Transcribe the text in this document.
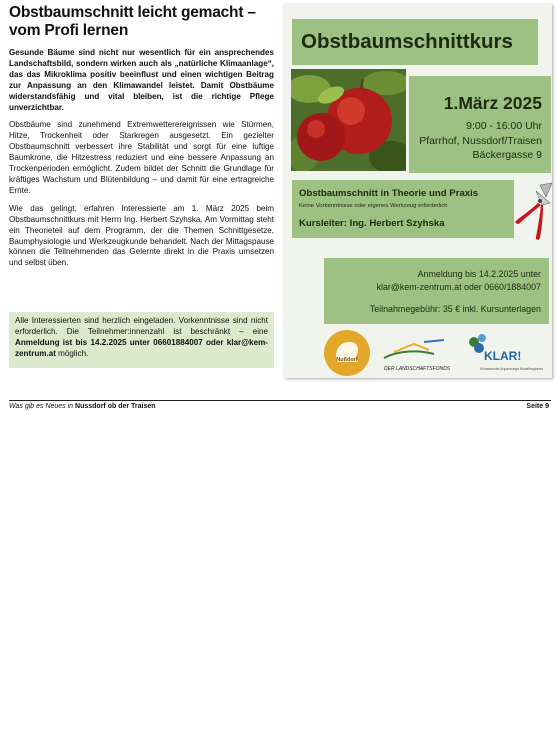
Obstbaumschnitt leicht gemacht – vom Profi lernen

Gesunde Bäume sind nicht nur wesentlich für ein ansprechendes Landschaftsbild, sondern wirken auch als „natürliche Klimaanlage“, das das Mikroklima positiv beeinflust und einen wichtigen Beitrag zur Anpassung an den Klimawandel leistet. Damit Obstbäume widerstandsfähig und vital bleiben, ist die richtige Pflege unverzichtbar.

Obstbäume sind zunehmend Extremwetterereignissen wie Stürmen, Hitze, Trockenheit oder Starkregen ausgesetzt. Ein gezielter Obstbaumschnitt verbessert ihre Stabilität und sorgt für eine luftige Baumkrone, die Hitzestress reduziert und eine bessere Anpassung an Trockenperioden ermöglicht. Zudem bildet der Schnitt die Grundlage für kräftiges Wachstum und Blütenbildung – und damit für eine ertragreiche Ernte.

Wie das gelingt, erfahren Interessierte am 1. März 2025 beim Obstbaumschnittkurs mit Herrn Ing. Herbert Szyhska. Am Vormittag steht ein Theorieteil auf dem Programm, der die Themen Schnittgesetze, Baumphysiologie und Werkzeugkunde behandelt. Nach der Mittagspause können die Teilnehmenden das Gelernte direkt in die Praxis umsetzen und selbst üben.

Alle Interessierten sind herzlich eingeladen. Vorkenntnisse sind nicht erforderlich. Die Teilnehmer:innenzahl ist beschränkt – eine Anmeldung ist bis 14.2.2025 unter 06601884007 oder klar@kem-zentrum.at möglich.

Obstbaumschnittkurs
1.März 2025
9:00 - 16:00 Uhr
Pfarrhof, Nussdorf/Traisen
Bäckergasse 9
Obstbaumschnitt in Theorie und Praxis
Keine Vorkenntnisse oder eigenes Werkzeug erforderlich
Kursleiter: Ing. Herbert Szyhska
Anmeldung bis 14.2.2025 unter
klar@kem-zentrum.at oder 0660/1884007
Teilnahmegebühr: 35 € inkl. Kursunterlagen
Nußdorf
DER LANDSCHAFTSFONDS
KLAR!
Klimawandel-Anpassungs Modellregionen
Was gib es Neues in Nussdorf ob der Traisen	Seite 9
